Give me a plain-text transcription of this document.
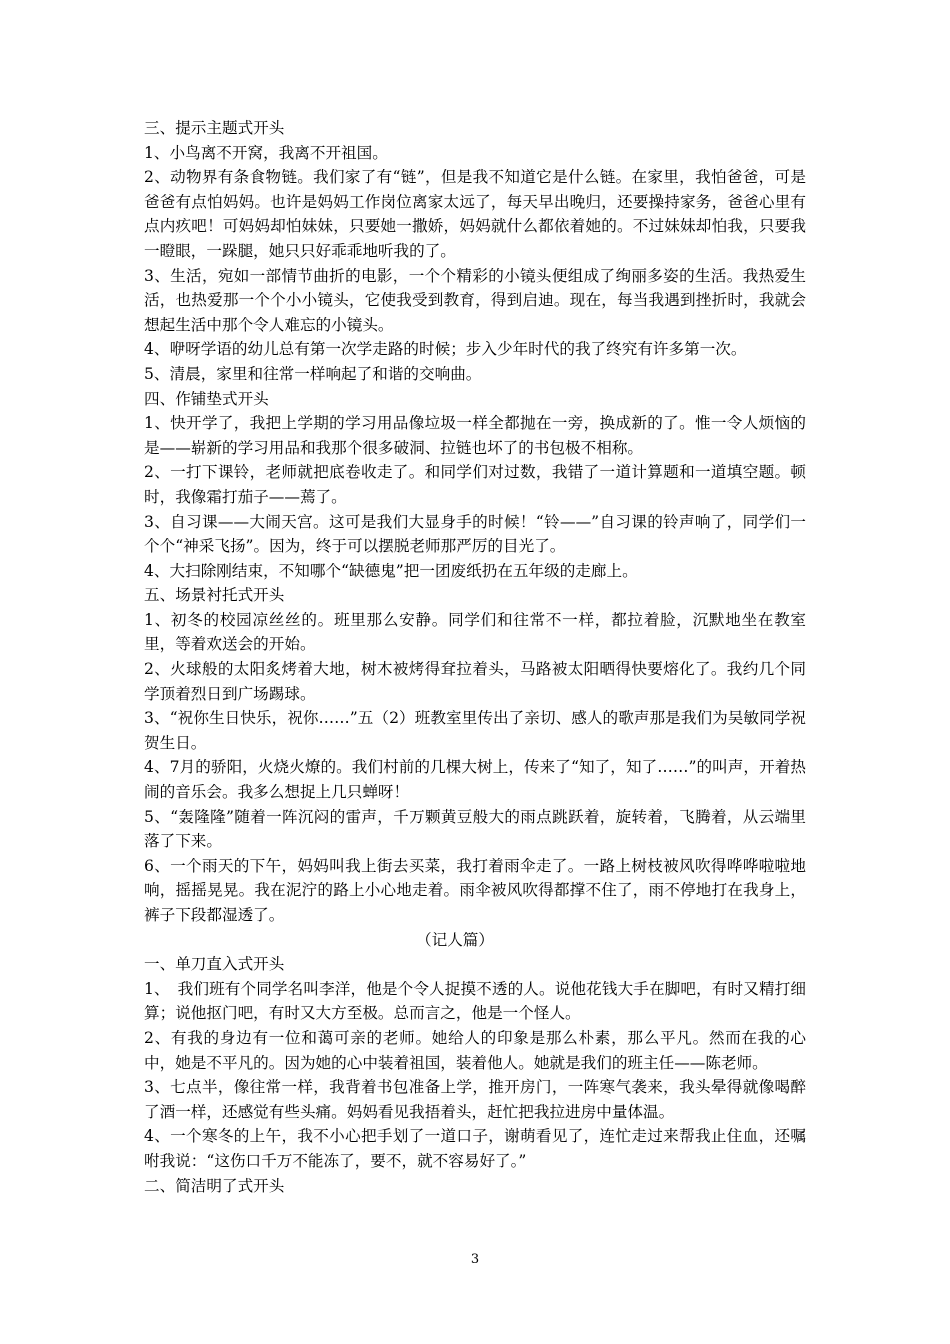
三、提示主题式开头

1、小鸟离不开窝，我离不开祖国。

2、动物界有条食物链。我们家了有“链”，但是我不知道它是什么链。在家里，我怕爸爸，可是爸爸有点怕妈妈。也许是妈妈工作岗位离家太远了，每天早出晚归，还要操持家务，爸爸心里有点内疚吧！可妈妈却怕妹妹，只要她一撒娇，妈妈就什么都依着她的。不过妹妹却怕我，只要我一瞪眼，一跺腿，她只只好乖乖地听我的了。

3、生活，宛如一部情节曲折的电影，一个个精彩的小镜头便组成了绚丽多姿的生活。我热爱生活，也热爱那一个个小小镜头，它使我受到教育，得到启迪。现在，每当我遇到挫折时，我就会想起生活中那个令人难忘的小镜头。

4、咿呀学语的幼儿总有第一次学走路的时候；步入少年时代的我了终究有许多第一次。

5、清晨，家里和往常一样响起了和谐的交响曲。

四、作铺垫式开头

1、快开学了，我把上学期的学习用品像垃圾一样全都抛在一旁，换成新的了。惟一令人烦恼的是——崭新的学习用品和我那个很多破洞、拉链也坏了的书包极不相称。

2、一打下课铃，老师就把底卷收走了。和同学们对过数，我错了一道计算题和一道填空题。顿时，我像霜打茄子——蔫了。

3、自习课——大闹天宫。这可是我们大显身手的时候！“铃——”自习课的铃声响了，同学们一个个“神采飞扬”。因为，终于可以摆脱老师那严厉的目光了。

4、大扫除刚结束，不知哪个“缺德鬼”把一团废纸扔在五年级的走廊上。

五、场景衬托式开头

1、初冬的校园凉丝丝的。班里那么安静。同学们和往常不一样，都拉着脸，沉默地坐在教室里，等着欢送会的开始。

2、火球般的太阳炙烤着大地，树木被烤得耷拉着头，马路被太阳晒得快要熔化了。我约几个同学顶着烈日到广场踢球。

3、“祝你生日快乐，祝你……”五（2）班教室里传出了亲切、感人的歌声那是我们为吴敏同学祝贺生日。

4、7月的骄阳，火烧火燎的。我们村前的几棵大树上，传来了“知了，知了……”的叫声，开着热闹的音乐会。我多么想捉上几只蝉呀！

5、“轰隆隆”随着一阵沉闷的雷声，千万颗黄豆般大的雨点跳跃着，旋转着，飞腾着，从云端里落了下来。

6、一个雨天的下午，妈妈叫我上街去买菜，我打着雨伞走了。一路上树枝被风吹得哗哗啦啦地响，摇摇晃晃。我在泥泞的路上小心地走着。雨伞被风吹得都撑不住了，雨不停地打在我身上，裤子下段都湿透了。

（记人篇）

一、单刀直入式开头

1、　我们班有个同学名叫李洋，他是个令人捉摸不透的人。说他花钱大手在脚吧，有时又精打细算；说他抠门吧，有时又大方至极。总而言之，他是一个怪人。

2、有我的身边有一位和蔼可亲的老师。她给人的印象是那么朴素，那么平凡。然而在我的心中，她是不平凡的。因为她的心中装着祖国，装着他人。她就是我们的班主任——陈老师。

3、七点半，像往常一样，我背着书包准备上学，推开房门，一阵寒气袭来，我头晕得就像喝醉了酒一样，还感觉有些头痛。妈妈看见我捂着头，赶忙把我拉进房中量体温。

4、一个寒冬的上午，我不小心把手划了一道口子，谢萌看见了，连忙走过来帮我止住血，还嘱咐我说：“这伤口千万不能冻了，要不，就不容易好了。”

二、简洁明了式开头

3
